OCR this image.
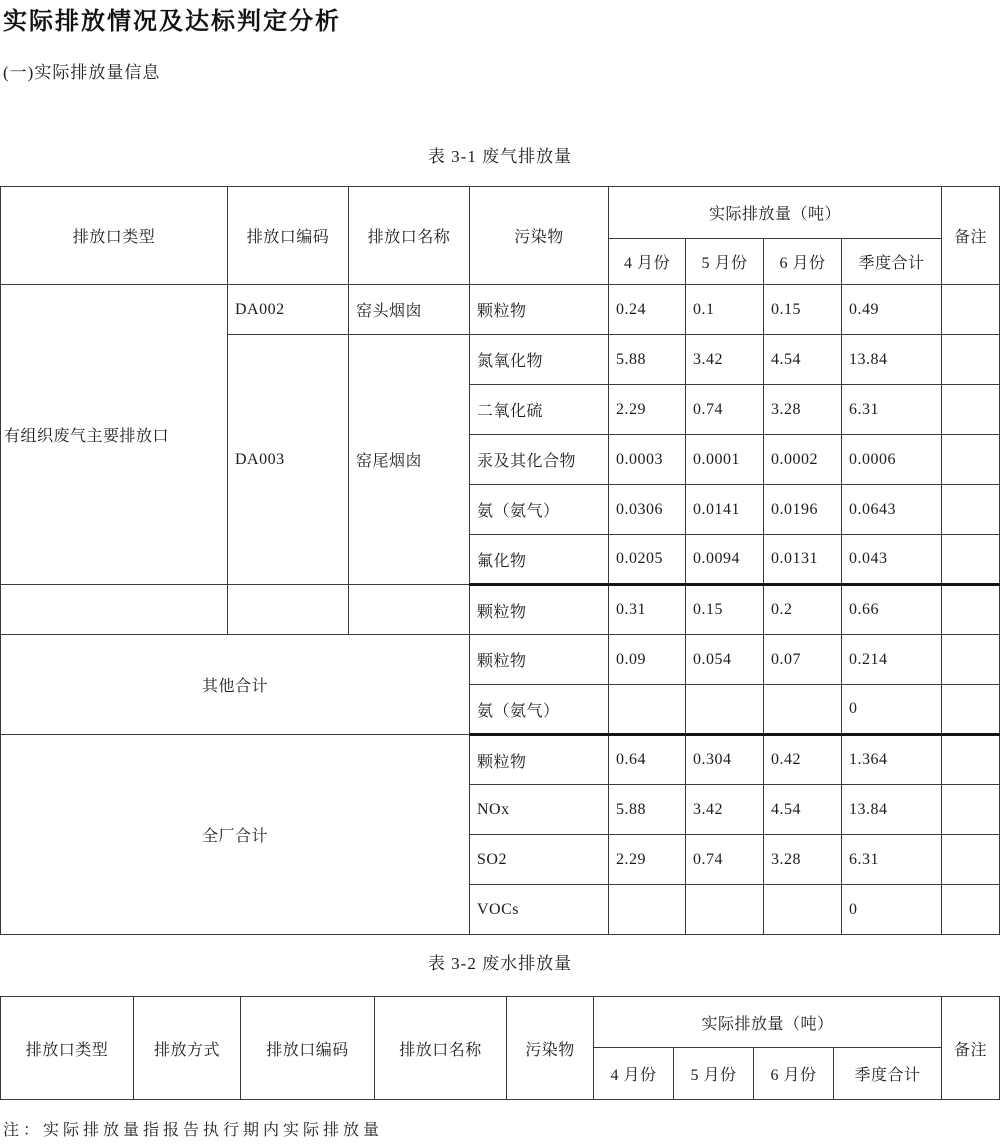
实际排放情况及达标判定分析

(一)实际排放量信息

表 3-1 废气排放量

排放口类型	排放口编码	排放口名称	污染物	实际排放量（吨）				备注
				4 月份	5 月份	6 月份	季度合计	
有组织废气主要排放口	DA002	窑头烟囱	颗粒物	0.24	0.1	0.15	0.49	
	DA003	窑尾烟囱	氮氧化物	5.88	3.42	4.54	13.84	
			二氧化硫	2.29	0.74	3.28	6.31	
			汞及其化合物	0.0003	0.0001	0.0002	0.0006	
			氨（氨气）	0.0306	0.0141	0.0196	0.0643	
			氟化物	0.0205	0.0094	0.0131	0.043	
			颗粒物	0.31	0.15	0.2	0.66	
其他合计			颗粒物	0.09	0.054	0.07	0.214	
			氨（氨气）				0	
全厂合计			颗粒物	0.64	0.304	0.42	1.364	
			NOx	5.88	3.42	4.54	13.84	
			SO2	2.29	0.74	3.28	6.31	
			VOCs				0	

表 3-2 废水排放量

排放口类型	排放方式	排放口编码	排放口名称	污染物	实际排放量（吨）				备注
					4 月份	5 月份	6 月份	季度合计	

注：实际排放量指报告执行期内实际排放量
